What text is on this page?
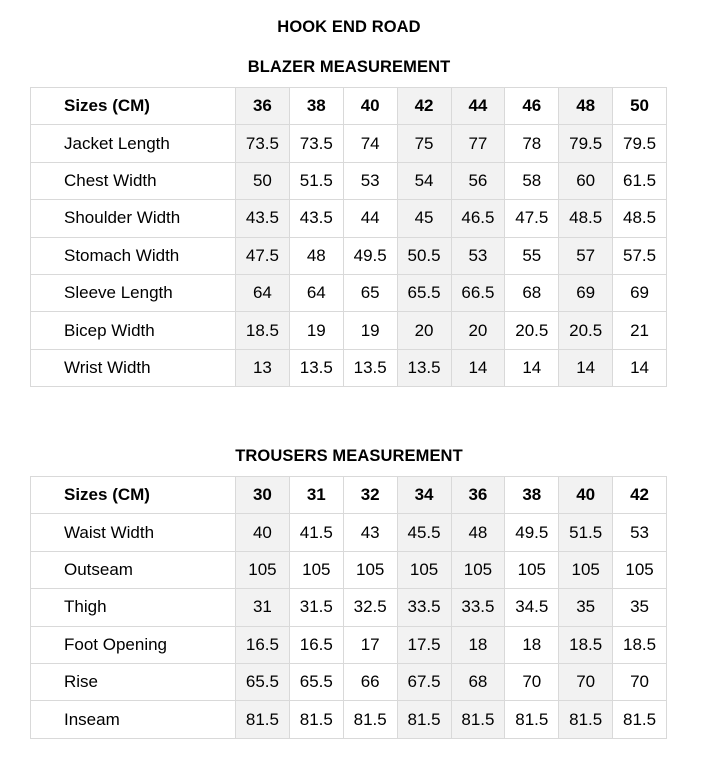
HOOK END ROAD
BLAZER MEASUREMENT
Sizes (CM)	36	38	40	42	44	46	48	50
Jacket Length	73.5	73.5	74	75	77	78	79.5	79.5
Chest Width	50	51.5	53	54	56	58	60	61.5
Shoulder Width	43.5	43.5	44	45	46.5	47.5	48.5	48.5
Stomach Width	47.5	48	49.5	50.5	53	55	57	57.5
Sleeve Length	64	64	65	65.5	66.5	68	69	69
Bicep Width	18.5	19	19	20	20	20.5	20.5	21
Wrist Width	13	13.5	13.5	13.5	14	14	14	14
TROUSERS MEASUREMENT
Sizes (CM)	30	31	32	34	36	38	40	42
Waist Width	40	41.5	43	45.5	48	49.5	51.5	53
Outseam	105	105	105	105	105	105	105	105
Thigh	31	31.5	32.5	33.5	33.5	34.5	35	35
Foot Opening	16.5	16.5	17	17.5	18	18	18.5	18.5
Rise	65.5	65.5	66	67.5	68	70	70	70
Inseam	81.5	81.5	81.5	81.5	81.5	81.5	81.5	81.5
